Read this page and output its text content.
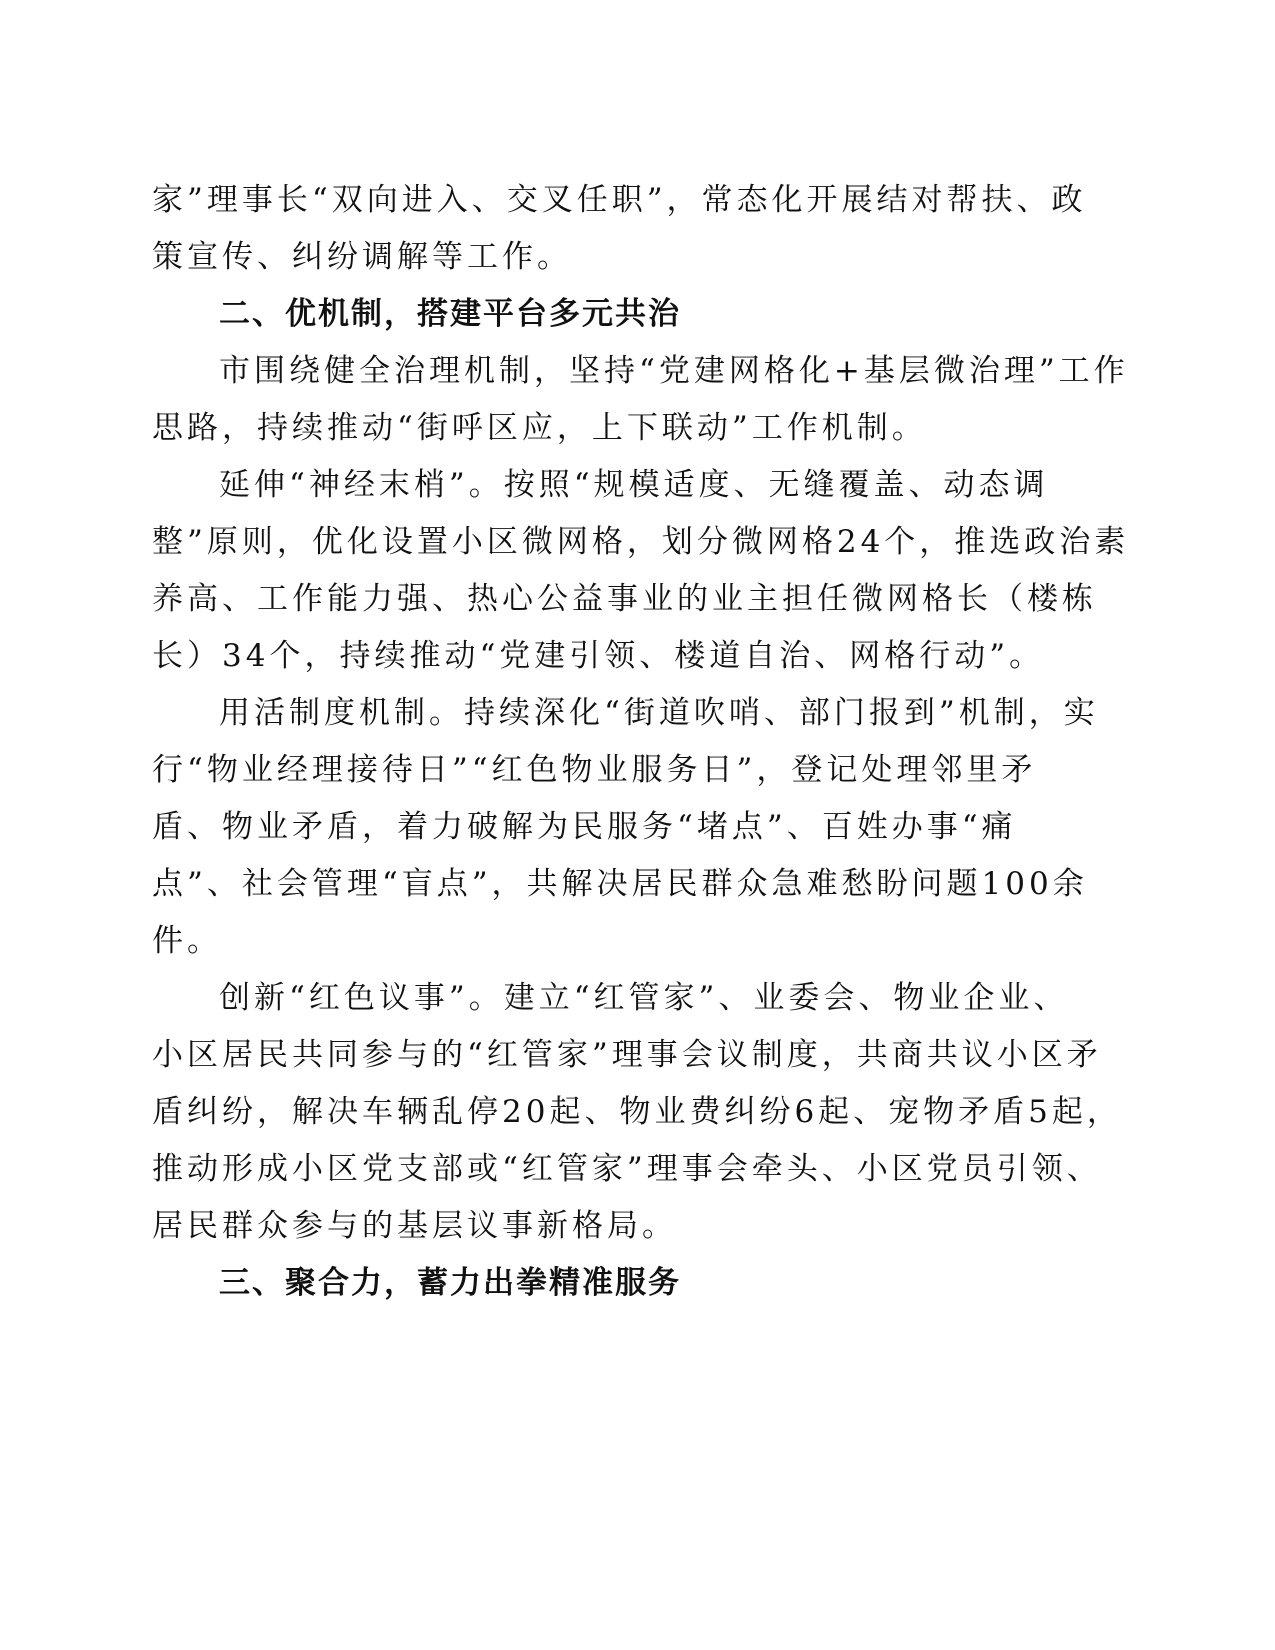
家”理事长“双向进入、交叉任职”，常态化开展结对帮扶、政
策宣传、纠纷调解等工作。
二、优机制，搭建平台多元共治
市围绕健全治理机制，坚持“党建网格化+基层微治理”工作
思路，持续推动“街呼区应，上下联动”工作机制。
延伸“神经末梢”。按照“规模适度、无缝覆盖、动态调
整”原则，优化设置小区微网格，划分微网格24个，推选政治素
养高、工作能力强、热心公益事业的业主担任微网格长（楼栋
长）34个，持续推动“党建引领、楼道自治、网格行动”。
用活制度机制。持续深化“街道吹哨、部门报到”机制，实
行“物业经理接待日”“红色物业服务日”，登记处理邻里矛
盾、物业矛盾，着力破解为民服务“堵点”、百姓办事“痛
点”、社会管理“盲点”，共解决居民群众急难愁盼问题100余
件。
创新“红色议事”。建立“红管家”、业委会、物业企业、
小区居民共同参与的“红管家”理事会议制度，共商共议小区矛
盾纠纷，解决车辆乱停20起、物业费纠纷6起、宠物矛盾5起，
推动形成小区党支部或“红管家”理事会牵头、小区党员引领、
居民群众参与的基层议事新格局。
三、聚合力，蓄力出拳精准服务
